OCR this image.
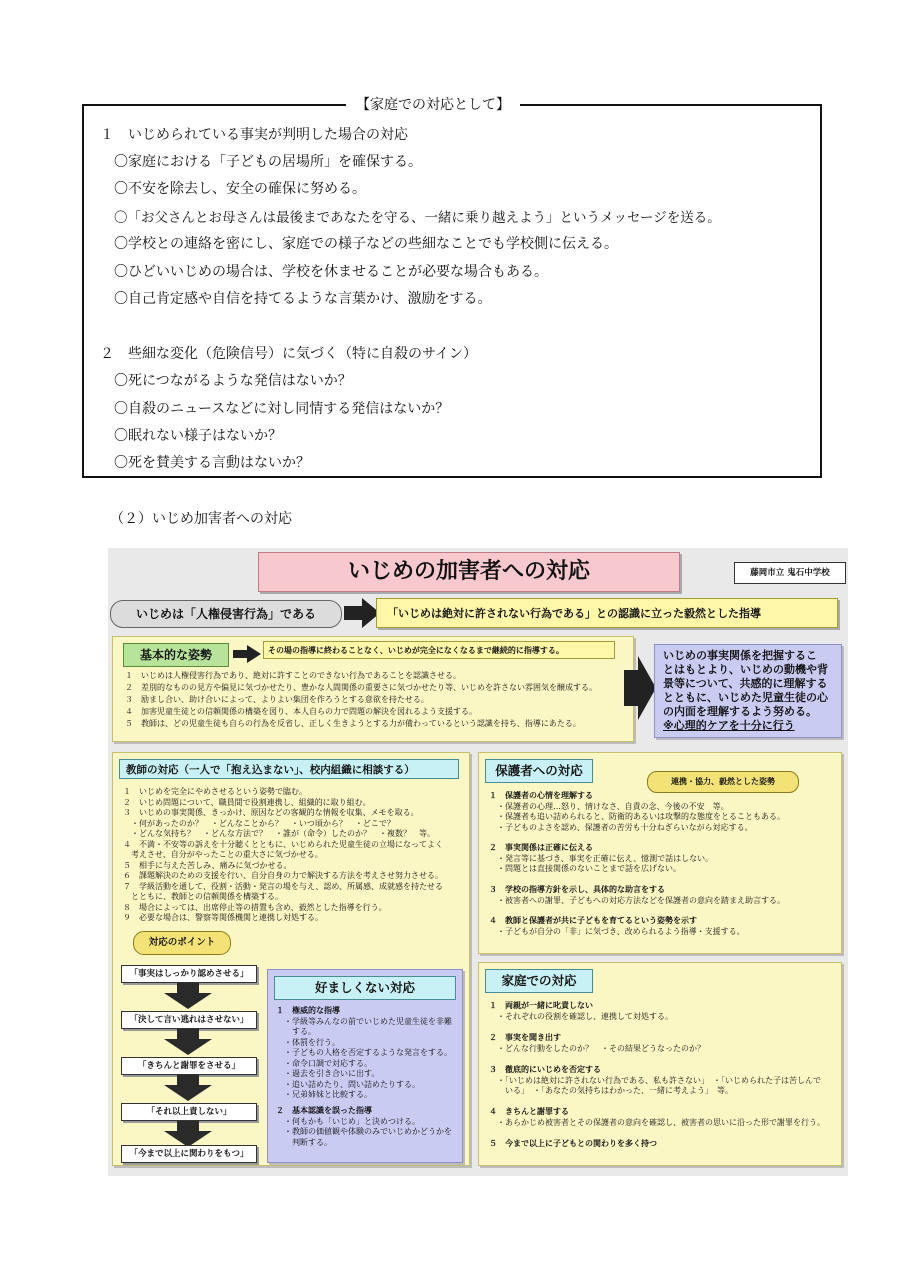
【家庭での対応として】
１　いじめられている事実が判明した場合の対応
〇家庭における「子どもの居場所」を確保する。
〇不安を除去し、安全の確保に努める。
〇「お父さんとお母さんは最後まであなたを守る、一緒に乗り越えよう」というメッセージを送る。
〇学校との連絡を密にし、家庭での様子などの些細なことでも学校側に伝える。
〇ひどいいじめの場合は、学校を休ませることが必要な場合もある。
〇自己肯定感や自信を持てるような言葉かけ、激励をする。
２　些細な変化（危険信号）に気づく（特に自殺のサイン）
〇死につながるような発信はないか？
〇自殺のニュースなどに対し同情する発信はないか？
〇眠れない様子はないか？
〇死を賛美する言動はないか？
（２）いじめ加害者への対応
いじめの加害者への対応	藤岡市立 鬼石中学校
いじめは「人権侵害行為」である	「いじめは絶対に許されない行為である」との認識に立った毅然とした指導
基本的な姿勢	その場の指導に終わることなく、いじめが完全になくなるまで継続的に指導する。
１　いじめは人権侵害行為であり、絶対に許すことのできない行為であることを認識させる。
２　差別的なものの見方や偏見に気づかせたり、豊かな人間関係の重要さに気づかせたり等、いじめを許さない雰囲気を醸成する。
３　励まし合い、助け合いによって、よりよい集団を作ろうとする意欲を持たせる。
４　加害児童生徒との信頼関係の構築を図り、本人自らの力で問題の解決を図れるよう支援する。
５　教師は、どの児童生徒も自らの行為を反省し、正しく生きようとする力が備わっているという認識を持ち、指導にあたる。
いじめの事実関係を把握するこ
とはもとより、いじめの動機や背
景等について、共感的に理解する
とともに、いじめた児童生徒の心
の内面を理解するよう努める。
※心理的ケアを十分に行う
教師の対応（一人で「抱え込まない」、校内組織に相談する）
１　いじめを完全にやめさせるという姿勢で臨む。
２　いじめ問題について、職員間で役割連携し、組織的に取り組む。
３　いじめの事実関係、きっかけ、原因などの客観的な情報を収集、メモを取る。
　・何があったのか？　・どんなことから？　・いつ頃から？　・どこで？
　・どんな気持ち？　・どんな方法で？　・誰が（命令）したのか？　・複数？　等。
４　不満・不安等の訴えを十分聴くとともに、いじめられた児童生徒の立場になってよく
　考えさせ、自分がやったことの重大さに気づかせる。
５　相手に与えた苦しみ、痛みに気づかせる。
６　課題解決のための支援を行い、自分自身の力で解決する方法を考えさせ努力させる。
７　学級活動を通して、役割・活動・発言の場を与え、認め、所属感、成就感を持たせる
　とともに、教師との信頼関係を構築する。
８　場合によっては、出席停止等の措置も含め、毅然とした指導を行う。
９　必要な場合は、警察等関係機関と連携し対処する。
対応のポイント
「事実はしっかり認めさせる」
「決して言い逃れはさせない」
「きちんと謝罪をさせる」
「それ以上責しない」
「今まで以上に関わりをもつ」
好ましくない対応
１　権威的な指導
　・学級等みんなの前でいじめた児童生徒を非難
　　する。
　・体罰を行う。
　・子どもの人格を否定するような発言をする。
　・命令口調で対応する。
　・過去を引き合いに出す。
　・追い詰めたり、問い詰めたりする。
　・兄弟姉妹と比較する。
２　基本認識を誤った指導
　・何もかも「いじめ」と決めつける。
　・教師の価値観や体験のみでいじめかどうかを
　　判断する。
保護者への対応
連携・協力、毅然とした姿勢
１　保護者の心情を理解する
　・保護者の心理…怒り、情けなさ、自責の念、今後の不安　等。
　・保護者も追い詰められると、防衛的あるいは攻撃的な態度をとることもある。
　・子どものよさを認め、保護者の苦労も十分ねぎらいながら対応する。
２　事実関係は正確に伝える
　・発言等に基づき、事実を正確に伝え、憶測で話はしない。
　・問題とは直接関係のないことまで話を広げない。
３　学校の指導方針を示し、具体的な助言をする
　・被害者への謝罪、子どもへの対応方法などを保護者の意向を踏まえ助言する。
４　教師と保護者が共に子どもを育てるという姿勢を示す
　・子どもが自分の「非」に気づき、改められるよう指導・支援する。
家庭での対応
１　両親が一緒に叱責しない
　・それぞれの役割を確認し、連携して対処する。
２　事実を聞き出す
　・どんな行動をしたのか？　・その結果どうなったのか？
３　徹底的にいじめを否定する
　・「いじめは絶対に許されない行為である、私も許さない」　・「いじめられた子は苦しんで
　　いる」　・「あなたの気持ちはわかった、一緒に考えよう」　等。
４　きちんと謝罪する
　・あらかじめ被害者とその保護者の意向を確認し、被害者の思いに沿った形で謝罪を行う。
５　今まで以上に子どもとの関わりを多く持つ
